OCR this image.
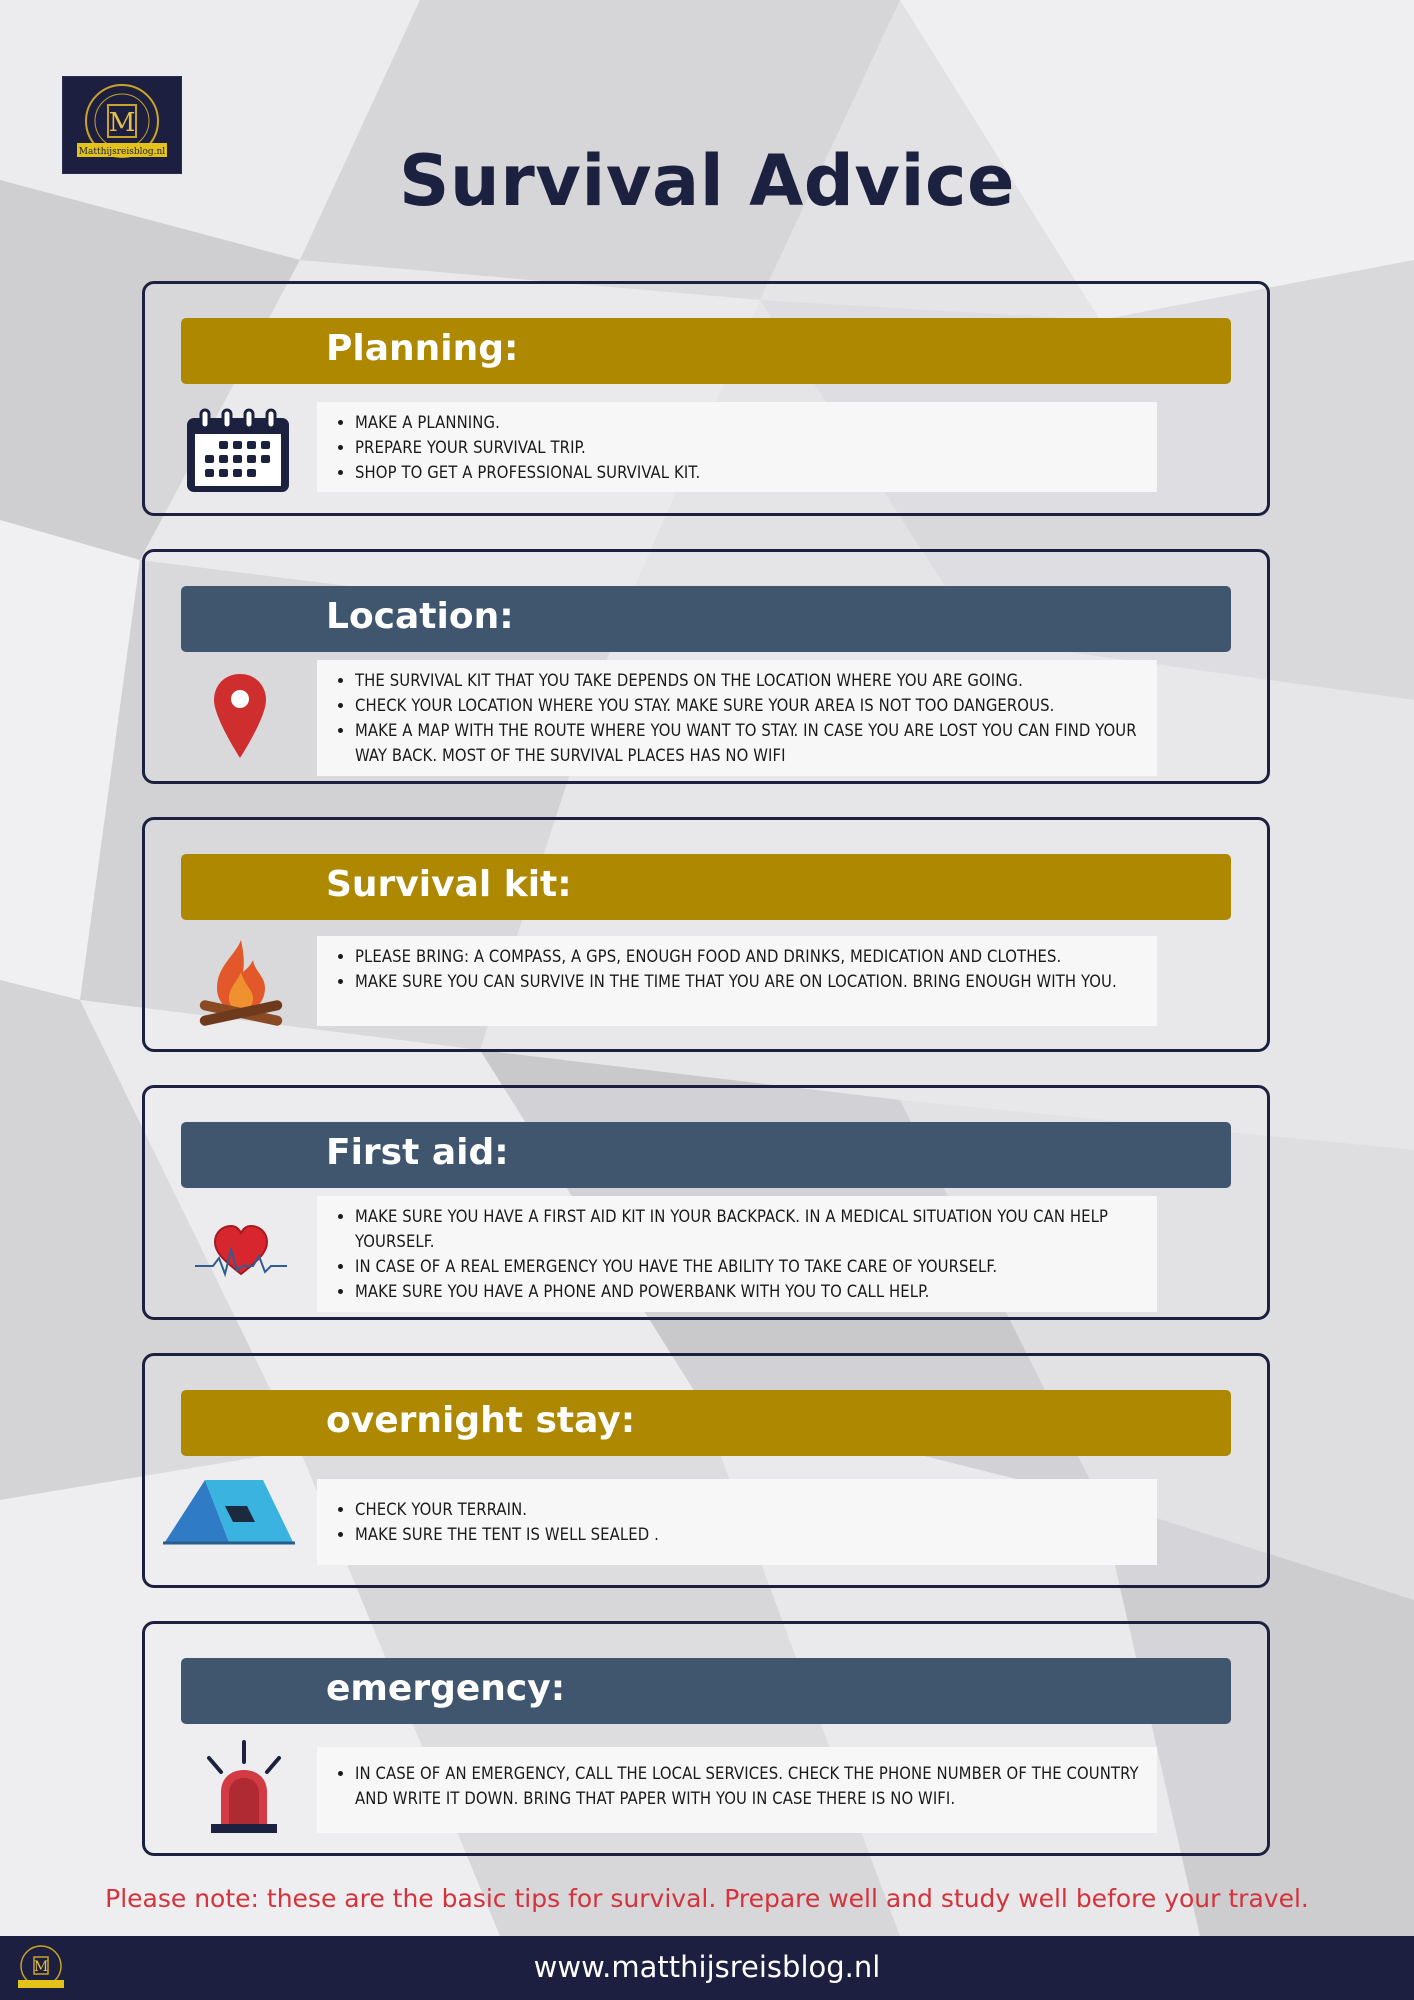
M
Matthijsreisblog.nl	Survival Advice
Planning:
• MAKE A PLANNING.
• PREPARE YOUR SURVIVAL TRIP.
• SHOP TO GET A PROFESSIONAL SURVIVAL KIT.
Location:
• THE SURVIVAL KIT THAT YOU TAKE DEPENDS ON THE LOCATION WHERE YOU ARE GOING.
• CHECK YOUR LOCATION WHERE YOU STAY. MAKE SURE YOUR AREA IS NOT TOO DANGEROUS.
• MAKE A MAP WITH THE ROUTE WHERE YOU WANT TO STAY. IN CASE YOU ARE LOST YOU CAN FIND YOUR WAY BACK. MOST OF THE SURVIVAL PLACES HAS NO WIFI
Survival kit:
• PLEASE BRING: A COMPASS, A GPS, ENOUGH FOOD AND DRINKS, MEDICATION AND CLOTHES.
• MAKE SURE YOU CAN SURVIVE IN THE TIME THAT YOU ARE ON LOCATION. BRING ENOUGH WITH YOU.
First aid:
• MAKE SURE YOU HAVE A FIRST AID KIT IN YOUR BACKPACK. IN A MEDICAL SITUATION YOU CAN HELP YOURSELF.
• IN CASE OF A REAL EMERGENCY YOU HAVE THE ABILITY TO TAKE CARE OF YOURSELF.
• MAKE SURE YOU HAVE A PHONE AND POWERBANK WITH YOU TO CALL HELP.
overnight stay:
• CHECK YOUR TERRAIN.
• MAKE SURE THE TENT IS WELL SEALED .
emergency:
• IN CASE OF AN EMERGENCY, CALL THE LOCAL SERVICES. CHECK THE PHONE NUMBER OF THE COUNTRY AND WRITE IT DOWN. BRING THAT PAPER WITH YOU IN CASE THERE IS NO WIFI.
Please note: these are the basic tips for survival. Prepare well and study well before your travel.
M	www.matthijsreisblog.nl
